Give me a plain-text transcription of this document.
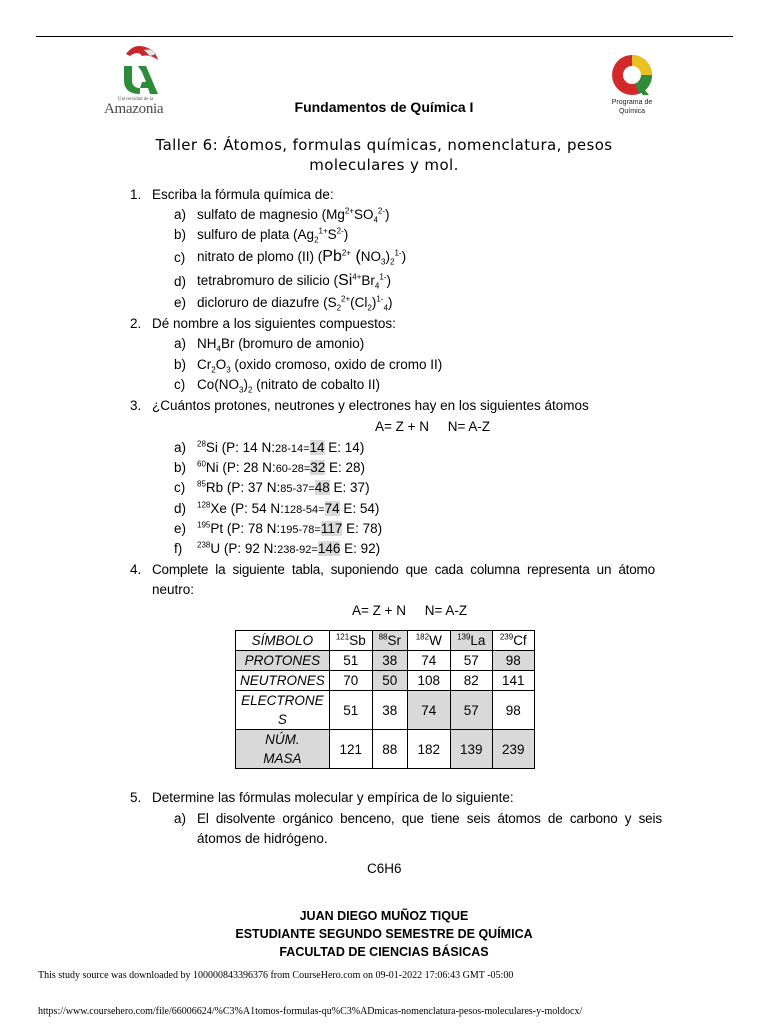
Universidad de la
Amazonia	Fundamentos de Química I	Programa de
Química
Taller 6: Átomos, formulas químicas, nomenclatura, pesos
moleculares y mol.
1. Escriba la fórmula química de:
a) sulfato de magnesio $(Mg^{2+}SO_4^{2-})$
b) sulfuro de plata $(Ag_2^{1+}S^{2-})$
c) nitrato de plomo (II) ($Pb^{2+}$ $(NO_3)_2^{1-}$)
d) tetrabromuro de silicio $(Si^{4+}Br_4^{1-})$
e) dicloruro de diazufre $(S_2^{2+}(Cl_2)^{1-}_4)$
2. Dé nombre a los siguientes compuestos:
a) $NH_4Br$ (bromuro de amonio)
b) $Cr_2O_3$ (oxido cromoso, oxido de cromo II)
c) $Co(NO_3)_2$ (nitrato de cobalto II)
3. ¿Cuántos protones, neutrones y electrones hay en los siguientes átomos
A= Z + N     N= A-Z
a) $^{28}$Si (P: 14 N:28-14=14 E: 14)
b) $^{60}$Ni (P: 28 N:60-28=32 E: 28)
c) $^{85}$Rb (P: 37 N:85-37=48 E: 37)
d) $^{128}$Xe (P: 54 N:128-54=74 E: 54)
e) $^{195}$Pt (P: 78 N:195-78=117 E: 78)
f) $^{238}$U (P: 92 N:238-92=146 E: 92)
4. Complete  la  siguiente  tabla,  suponiendo  que  cada  columna  representa  un  átomo
neutro:
A= Z + N     N= A-Z
SÍMBOLO	$^{121}$Sb	$^{88}$Sr	$^{182}$W	$^{139}$La	$^{239}$Cf
PROTONES	51	38	74	57	98
NEUTRONES	70	50	108	82	141
ELECTRONE
S	51	38	74	57	98
NÚM.
MASA	121	88	182	139	239
5. Determine las fórmulas molecular y empírica de lo siguiente:
a) El  disolvente  orgánico  benceno,  que  tiene  seis  átomos  de  carbono  y  seis
átomos de hidrógeno.
C6H6
JUAN DIEGO MUÑOZ TIQUE
ESTUDIANTE SEGUNDO SEMESTRE DE QUÍMICA
FACULTAD DE CIENCIAS BÁSICAS
This study source was downloaded by 100000843396376 from CourseHero.com on 09-01-2022 17:06:43 GMT -05:00
https://www.coursehero.com/file/66006624/%C3%A1tomos-formulas-qu%C3%ADmicas-nomenclatura-pesos-moleculares-y-moldocx/
